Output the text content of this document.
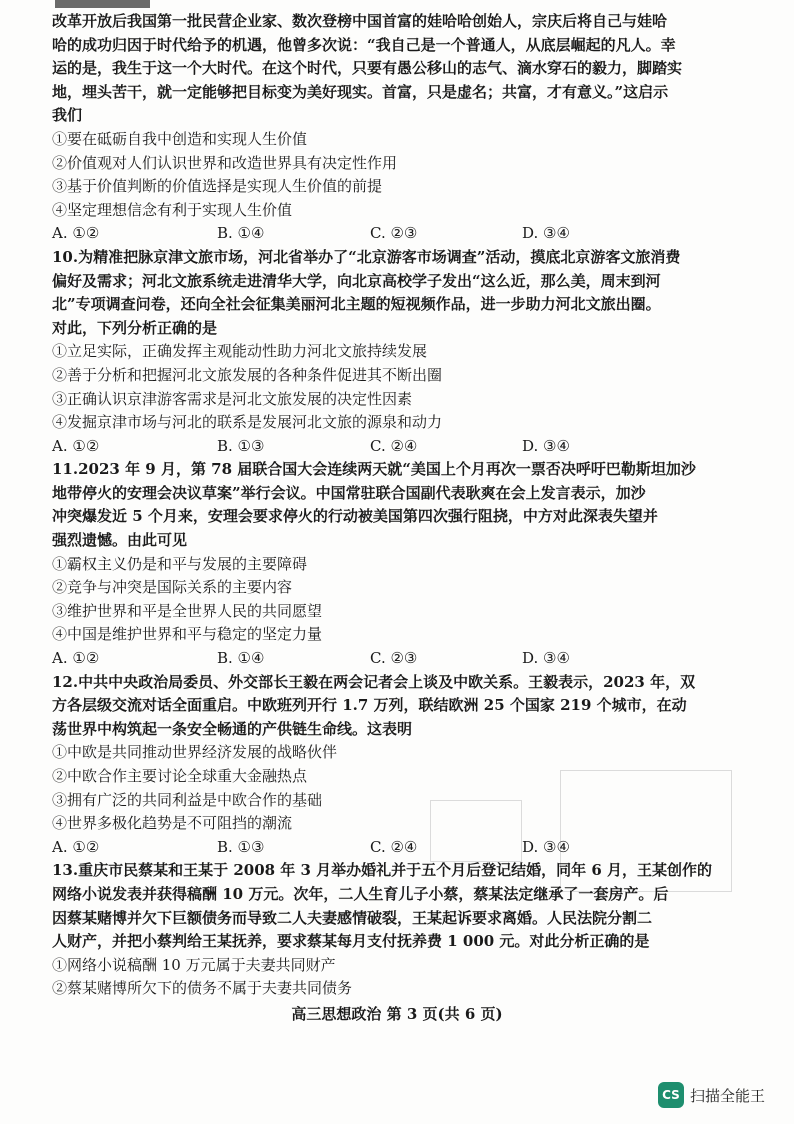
改革开放后我国第一批民营企业家、数次登榜中国首富的娃哈哈创始人，宗庆后将自己与娃哈
哈的成功归因于时代给予的机遇，他曾多次说：“我自己是一个普通人，从底层崛起的凡人。幸
运的是，我生于这一个大时代。在这个时代，只要有愚公移山的志气、滴水穿石的毅力，脚踏实
地，埋头苦干，就一定能够把目标变为美好现实。首富，只是虚名；共富，才有意义。”这启示
我们
①要在砥砺自我中创造和实现人生价值
②价值观对人们认识世界和改造世界具有决定性作用
③基于价值判断的价值选择是实现人生价值的前提
④坚定理想信念有利于实现人生价值

A. ①②

	B. ①④

	C. ②③

	D. ③④

10.为精准把脉京津文旅市场，河北省举办了“北京游客市场调查”活动，摸底北京游客文旅消费
偏好及需求；河北文旅系统走进清华大学，向北京高校学子发出“这么近，那么美，周末到河
北”专项调查问卷，还向全社会征集美丽河北主题的短视频作品，进一步助力河北文旅出圈。
对此，下列分析正确的是
①立足实际，正确发挥主观能动性助力河北文旅持续发展
②善于分析和把握河北文旅发展的各种条件促进其不断出圈
③正确认识京津游客需求是河北文旅发展的决定性因素
④发掘京津市场与河北的联系是发展河北文旅的源泉和动力

A. ①②

	B. ①③

	C. ②④

	D. ③④

11.2023 年 9 月，第 78 届联合国大会连续两天就“美国上个月再次一票否决呼吁巴勒斯坦加沙
地带停火的安理会决议草案”举行会议。中国常驻联合国副代表耿爽在会上发言表示，加沙
冲突爆发近 5 个月来，安理会要求停火的行动被美国第四次强行阻挠，中方对此深表失望并
强烈遗憾。由此可见
①霸权主义仍是和平与发展的主要障碍
②竞争与冲突是国际关系的主要内容
③维护世界和平是全世界人民的共同愿望
④中国是维护世界和平与稳定的坚定力量

A. ①②

	B. ①④

	C. ②③

	D. ③④

12.中共中央政治局委员、外交部长王毅在两会记者会上谈及中欧关系。王毅表示，2023 年，双
方各层级交流对话全面重启。中欧班列开行 1.7 万列，联结欧洲 25 个国家 219 个城市，在动
荡世界中构筑起一条安全畅通的产供链生命线。这表明
①中欧是共同推动世界经济发展的战略伙伴
②中欧合作主要讨论全球重大金融热点
③拥有广泛的共同利益是中欧合作的基础
④世界多极化趋势是不可阻挡的潮流

A. ①②

	B. ①③

	C. ②④

	D. ③④

13.重庆市民蔡某和王某于 2008 年 3 月举办婚礼并于五个月后登记结婚，同年 6 月，王某创作的
网络小说发表并获得稿酬 10 万元。次年，二人生育儿子小蔡，蔡某法定继承了一套房产。后
因蔡某赌博并欠下巨额债务而导致二人夫妻感情破裂，王某起诉要求离婚。人民法院分割二
人财产，并把小蔡判给王某抚养，要求蔡某每月支付抚养费 1 000 元。对此分析正确的是
①网络小说稿酬 10 万元属于夫妻共同财产
②蔡某赌博所欠下的债务不属于夫妻共同债务
高三思想政治 第 3 页(共 6 页)
CS 扫描全能王
